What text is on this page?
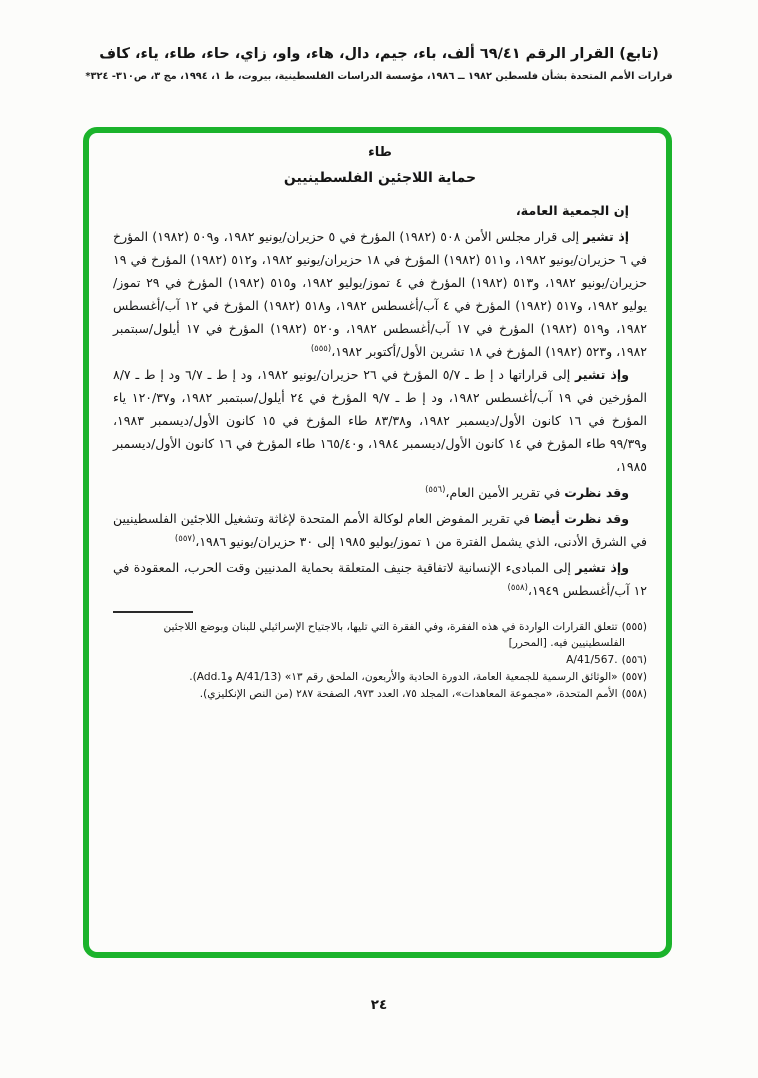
(تابع) القرار الرقم ٦٩/٤١ ألف، باء، جيم، دال، هاء، واو، زاي، حاء، طاء، ياء، كاف
قرارات الأمم المتحدة بشأن فلسطين ١٩٨٢ ــ ١٩٨٦، مؤسسة الدراسات الفلسطينية، بيروت، ط ١، ١٩٩٤، مج ٣، ص٣١٠- ٣٢٤*
طاء
حماية اللاجئين الفلسطينيين

إن الجمعية العامة،

إذ تشير إلى قرار مجلس الأمن ٥٠٨ (١٩٨٢) المؤرخ في ٥ حزيران/يونيو ١٩٨٢، و٥٠٩ (١٩٨٢) المؤرخ في ٦ حزيران/يونيو ١٩٨٢، و٥١١ (١٩٨٢) المؤرخ في ١٨ حزيران/يونيو ١٩٨٢، و٥١٢ (١٩٨٢) المؤرخ في ١٩ حزيران/يونيو ١٩٨٢، و٥١٣ (١٩٨٢) المؤرخ في ٤ تموز/يوليو ١٩٨٢، و٥١٥ (١٩٨٢) المؤرخ في ٢٩ تموز/يوليو ١٩٨٢، و٥١٧ (١٩٨٢) المؤرخ في ٤ آب/أغسطس ١٩٨٢، و٥١٨ (١٩٨٢) المؤرخ في ١٢ آب/أغسطس ١٩٨٢، و٥١٩ (١٩٨٢) المؤرخ في ١٧ آب/أغسطس ١٩٨٢، و٥٢٠ (١٩٨٢) المؤرخ في ١٧ أيلول/سبتمبر ١٩٨٢، و٥٢٣ (١٩٨٢) المؤرخ في ١٨ تشرين الأول/أكتوبر ١٩٨٢،$^{(٥٥٥)}$

وإذ تشير إلى قراراتها د إ ط ـ ٥/٧ المؤرخ في ٢٦ حزيران/يونيو ١٩٨٢، ود إ ط ـ ٦/٧ ود إ ط ـ ٨/٧ المؤرخين في ١٩ آب/أغسطس ١٩٨٢، ود إ ط ـ ٩/٧ المؤرخ في ٢٤ أيلول/سبتمبر ١٩٨٢، و١٢٠/٣٧ ياء المؤرخ في ١٦ كانون الأول/ديسمبر ١٩٨٢، و٨٣/٣٨ طاء المؤرخ في ١٥ كانون الأول/ديسمبر ١٩٨٣، و٩٩/٣٩ طاء المؤرخ في ١٤ كانون الأول/ديسمبر ١٩٨٤، و١٦٥/٤٠ طاء المؤرخ في ١٦ كانون الأول/ديسمبر ١٩٨٥،

وقد نظرت في تقرير الأمين العام،$^{(٥٥٦)}$

وقد نظرت أيضا في تقرير المفوض العام لوكالة الأمم المتحدة لإغاثة وتشغيل اللاجئين الفلسطينيين في الشرق الأدنى، الذي يشمل الفترة من ١ تموز/يوليو ١٩٨٥ إلى ٣٠ حزيران/يونيو ١٩٨٦،$^{(٥٥٧)}$

وإذ تشير إلى المبادىء الإنسانية لاتفاقية جنيف المتعلقة بحماية المدنيين وقت الحرب، المعقودة في ١٢ آب/أغسطس ١٩٤٩،$^{(٥٥٨)}$

(٥٥٥)تتعلق القرارات الواردة في هذه الفقرة، وفي الفقرة التي تليها، بالاجتياح الإسرائيلي للبنان وبوضع اللاجئين الفلسطينيين فيه. [المحرر]

(٥٥٦)A/41/567.

(٥٥٧)«الوثائق الرسمية للجمعية العامة، الدورة الحادية والأربعون، الملحق رقم ١٣» (A/41/13 وAdd.1).

(٥٥٨)الأمم المتحدة، «مجموعة المعاهدات»، المجلد ٧٥، العدد ٩٧٣، الصفحة ٢٨٧ (من النص الإنكليزي).

٢٤
